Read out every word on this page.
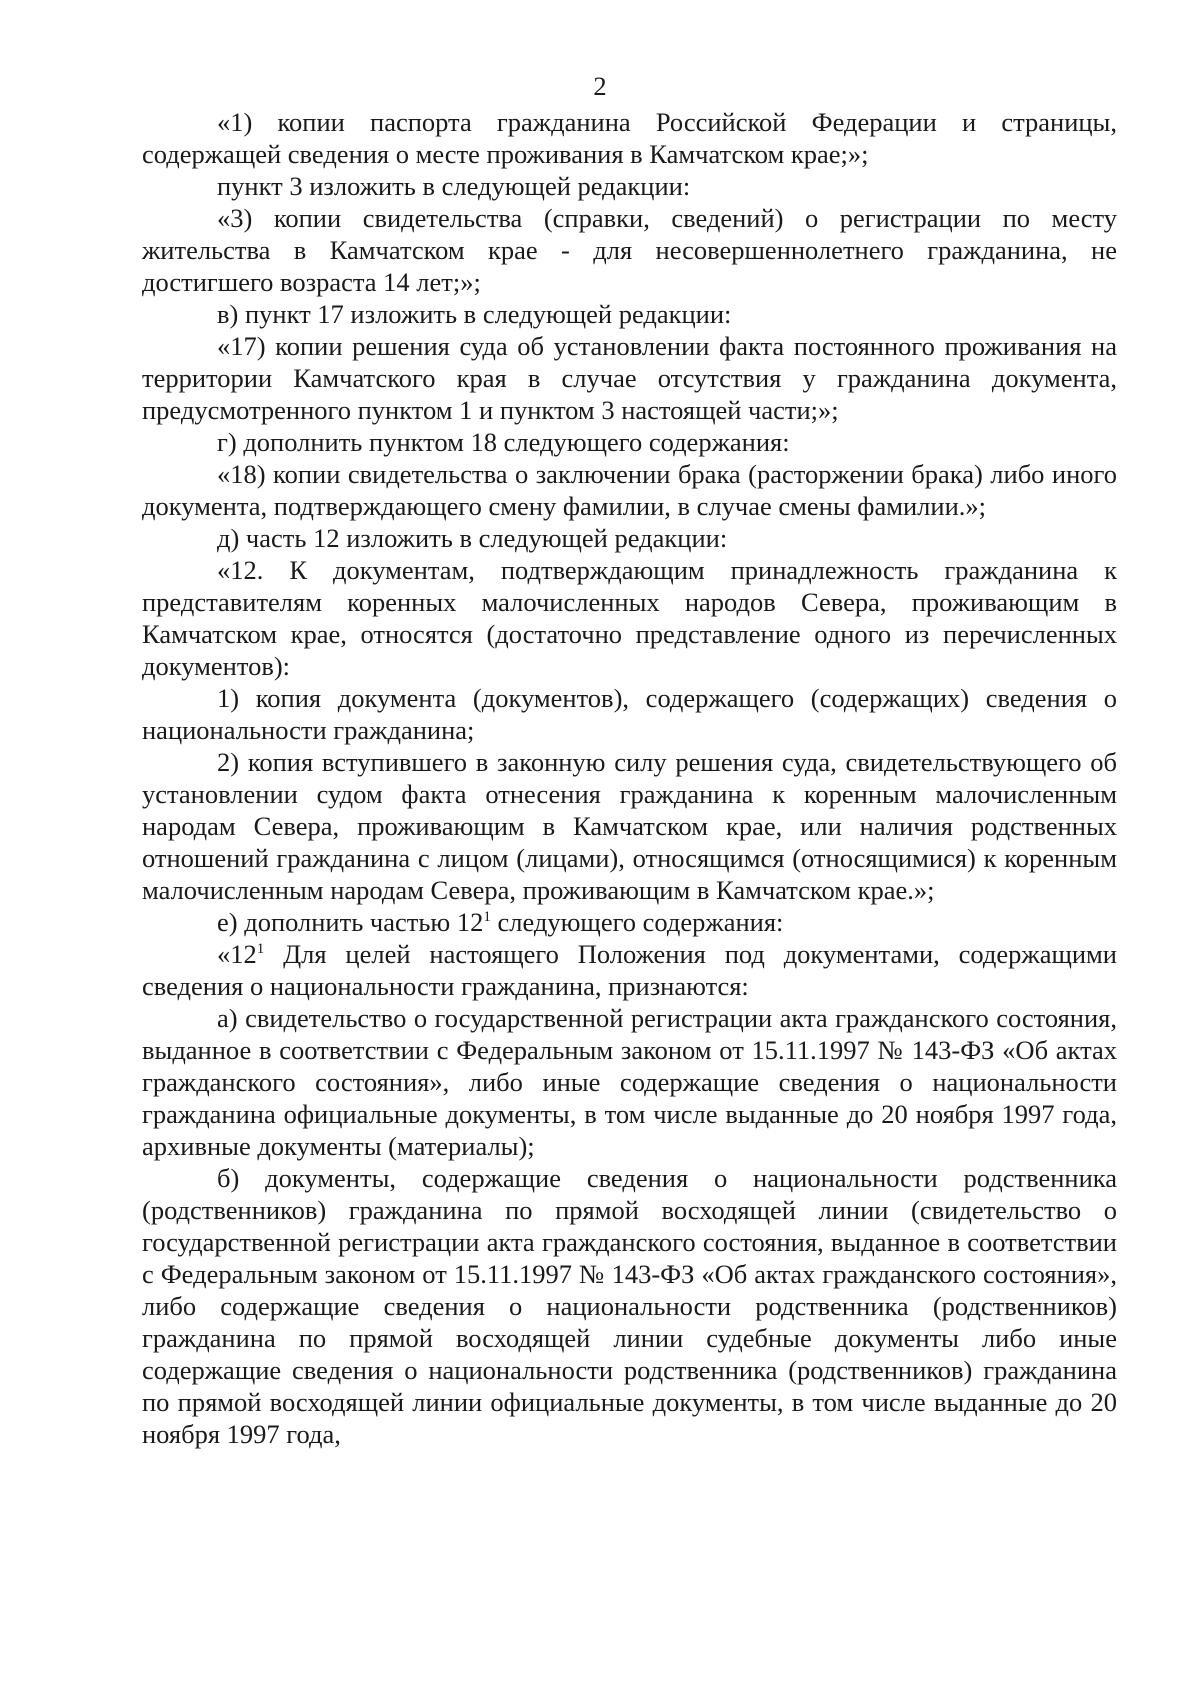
2

«1) копии паспорта гражданина Российской Федерации и страницы, содержащей сведения о месте проживания в Камчатском крае;»;

пункт 3 изложить в следующей редакции:

«3) копии свидетельства (справки, сведений) о регистрации по месту жительства в Камчатском крае - для несовершеннолетнего гражданина, не достигшего возраста 14 лет;»;

в) пункт 17 изложить в следующей редакции:

«17) копии решения суда об установлении факта постоянного проживания на территории Камчатского края в случае отсутствия у гражданина документа, предусмотренного пунктом 1 и пунктом 3 настоящей части;»;

г) дополнить пунктом 18 следующего содержания:

«18) копии свидетельства о заключении брака (расторжении брака) либо иного документа, подтверждающего смену фамилии, в случае смены фамилии.»;

д) часть 12 изложить в следующей редакции:

«12. К документам, подтверждающим принадлежность гражданина к представителям коренных малочисленных народов Севера, проживающим в Камчатском крае, относятся (достаточно представление одного из перечисленных документов):

1) копия документа (документов), содержащего (содержащих) сведения о национальности гражданина;

2) копия вступившего в законную силу решения суда, свидетельствующего об установлении судом факта отнесения гражданина к коренным малочисленным народам Севера, проживающим в Камчатском крае, или наличия родственных отношений гражданина с лицом (лицами), относящимся (относящимися) к коренным малочисленным народам Севера, проживающим в Камчатском крае.»;

е) дополнить частью $12^1$ следующего содержания:

«$12^1$ Для целей настоящего Положения под документами, содержащими сведения о национальности гражданина, признаются:

а) свидетельство о государственной регистрации акта гражданского состояния, выданное в соответствии с Федеральным законом от 15.11.1997 № 143-ФЗ «Об актах гражданского состояния», либо иные содержащие сведения о национальности гражданина официальные документы, в том числе выданные до 20 ноября 1997 года, архивные документы (материалы);

б) документы, содержащие сведения о национальности родственника (родственников) гражданина по прямой восходящей линии (свидетельство о государственной регистрации акта гражданского состояния, выданное в соответствии с Федеральным законом от 15.11.1997 № 143-ФЗ «Об актах гражданского состояния», либо содержащие сведения о национальности родственника (родственников) гражданина по прямой восходящей линии судебные документы либо иные содержащие сведения о национальности родственника (родственников) гражданина по прямой восходящей линии официальные документы, в том числе выданные до 20 ноября 1997 года,
